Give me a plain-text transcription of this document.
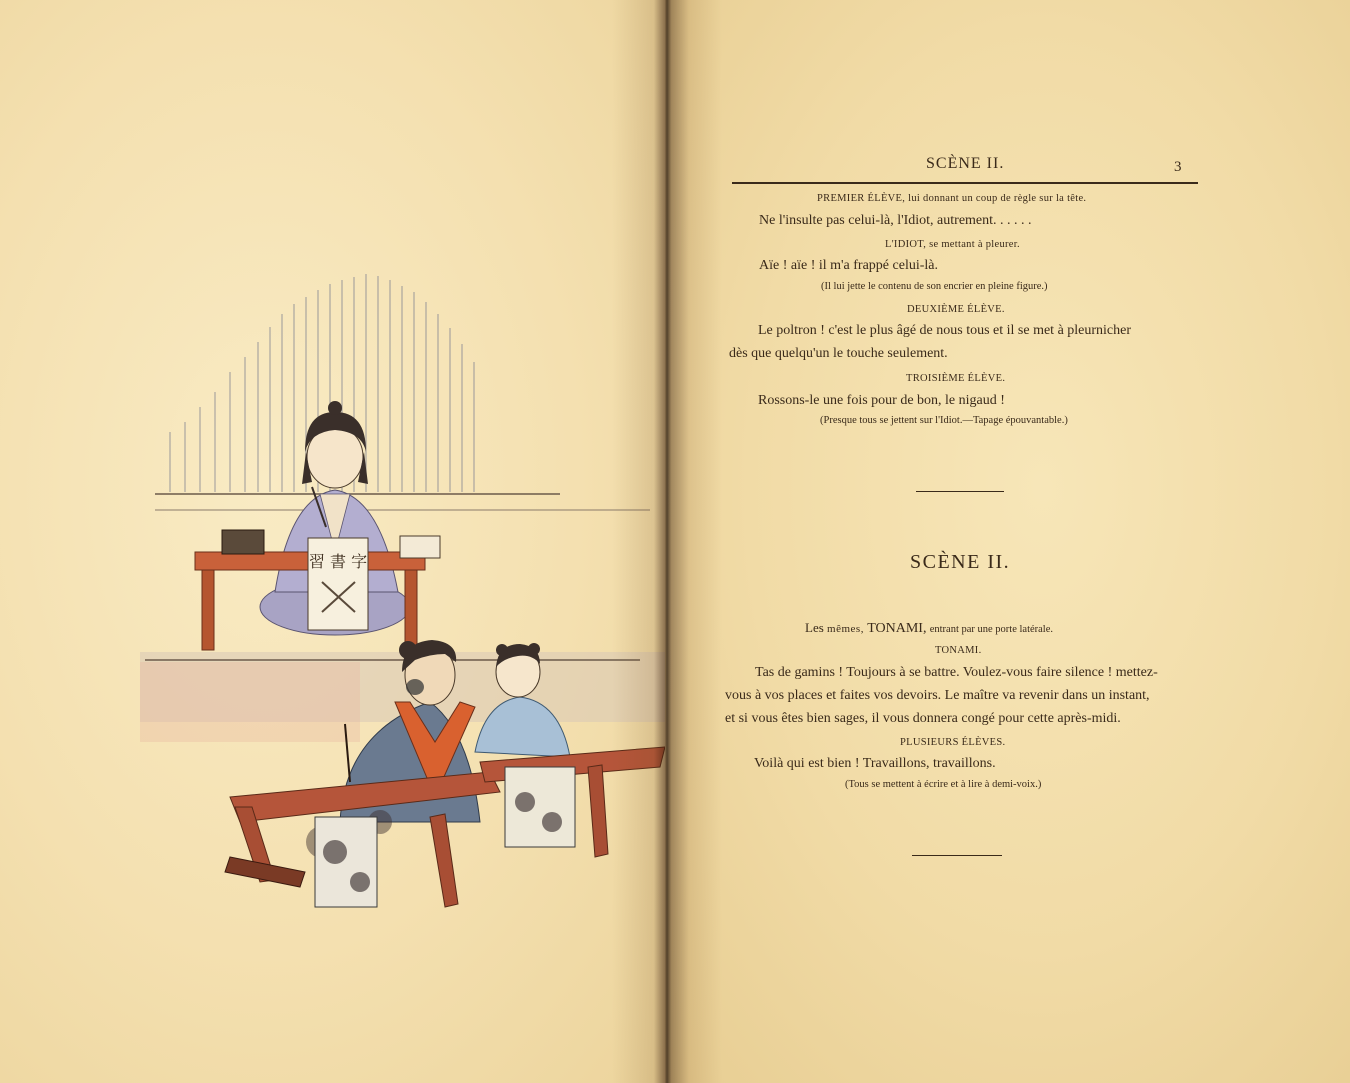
習 書 字
SCÈNE II.	3
PREMIER ÉLÈVE, lui donnant un coup de règle sur la tête.
Ne l'insulte pas celui-là, l'Idiot, autrement. . . . . .
L'IDIOT, se mettant à pleurer.
Aïe ! aïe ! il m'a frappé celui-là.
(Il lui jette le contenu de son encrier en pleine figure.)
DEUXIÈME ÉLÈVE.
Le poltron ! c'est le plus âgé de nous tous et il se met à pleurnicher
dès que quelqu'un le touche seulement.
TROISIÈME ÉLÈVE.
Rossons-le une fois pour de bon, le nigaud !
(Presque tous se jettent sur l'Idiot.—Tapage épouvantable.)
SCÈNE II.
Les mêmes, TONAMI, entrant par une porte latérale.
TONAMI.
Tas de gamins ! Toujours à se battre. Voulez-vous faire silence ! mettez-
vous à vos places et faites vos devoirs. Le maître va revenir dans un instant,
et si vous êtes bien sages, il vous donnera congé pour cette après-midi.
PLUSIEURS ÉLÈVES.
Voilà qui est bien ! Travaillons, travaillons.
(Tous se mettent à écrire et à lire à demi-voix.)
